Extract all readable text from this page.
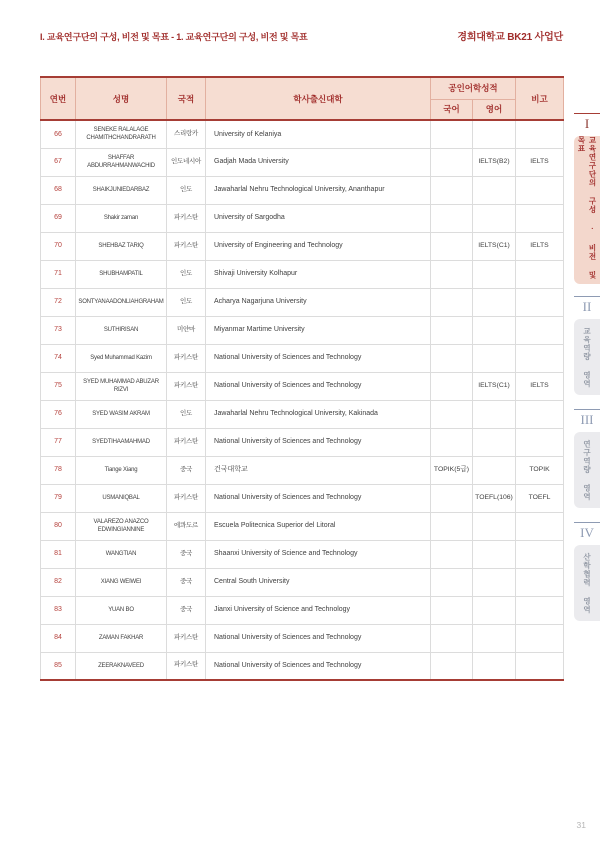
I. 교육연구단의 구성, 비전 및 목표 - 1. 교육연구단의 구성, 비전 및 목표	경희대학교 BK21 사업단
연번	성명	국적	학사출신대학	공인어학성적		비고
				국어	영어	
66	SENEKE RALALAGE CHAMITHCHANDRARATH	스리랑카	University of Kelaniya			
67	SHAFFAR ABDURRAHMANWACHID	인도네시아	Gadjah Mada University		IELTS(B2)	IELTS
68	SHAIKJUNIEDARBAZ	인도	Jawaharlal Nehru Technological University, Ananthapur			
69	Shakir zaman	파키스탄	University of Sargodha			
70	SHEHBAZ TARIQ	파키스탄	University of Engineering and Technology		IELTS(C1)	IELTS
71	SHUBHAMPATIL	인도	Shivaji University Kolhapur			
72	SONTYANAADONLIAHGRAHAM	인도	Acharya Nagarjuna University			
73	SUTHIRISAN	미얀마	Miyanmar Martime University			
74	Syed Muhammad Kazim	파키스탄	National University of Sciences and Technology			
75	SYED MUHAMMAD ABUZAR RIZVI	파키스탄	National University of Sciences and Technology		IELTS(C1)	IELTS
76	SYED WASIM AKRAM	인도	Jawaharlal Nehru Technological University, Kakinada			
77	SYEDTIHAAMAHMAD	파키스탄	National University of Sciences and Technology			
78	Tiange Xiang	중국	건국대학교	TOPIK(5급)		TOPIK
79	USMANIQBAL	파키스탄	National University of Sciences and Technology		TOEFL(106)	TOEFL
80	VALAREZO ANAZCO EDWINGIANNINE	에콰도르	Escuela Politecnica Superior del Litoral			
81	WANGTIAN	중국	Shaanxi University of Science and Technology			
82	XIANG WEIWEI	중국	Central South University			
83	YUAN BO	중국	Jianxi University of Science and Technology			
84	ZAMAN FAKHAR	파키스탄	National University of Sciences and Technology			
85	ZEERAKNAVEED	파키스탄	National University of Sciences and Technology			
I
교육연구단의 구성 · 비전 및 목표
II
교육역량 영역
III
연구역량 영역
IV
산학협력 영역
31
